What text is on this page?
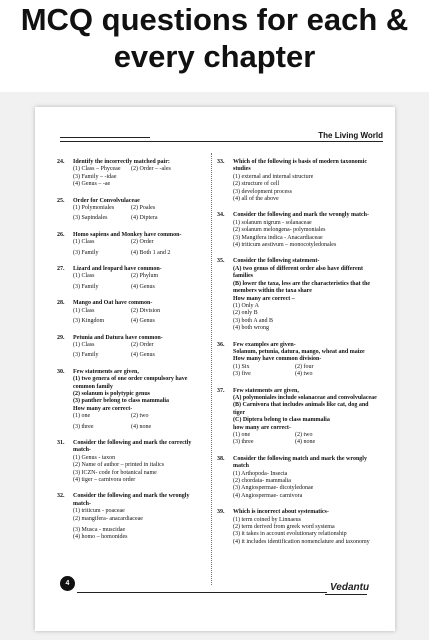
MCQ questions for each &
every chapter
The Living World
24. Identify the incorrectly matched pair:
(1) Class – Phyceae	(2) Order – -ales
(3) Family – -idae
(4) Genus – -ae
25. Order for Convolvulaceae
(1) Polymoniales	(2) Poales
(3) Sapindales	(4) Diptera
26. Homo sapiens and Monkey have common-
(1) Class	(2) Order
(3) Family	(4) Both 1 and 2
27. Lizard and leopard have common-
(1) Class	(2) Phylum
(3) Family	(4) Genus
28. Mango and Oat have common-
(1) Class	(2) Division
(3) Kingdom	(4) Genus
29. Petunia and Datura have common-
(1) Class	(2) Order
(3) Family	(4) Genus
30. Few statements are given,
(1) two genera of one order compulsory have common family
(2) solanum is polytypic genus
(3) panther belong to class mammalia
How many are correct-
(1) one	(2) two
(3) three	(4) none
31. Consider the following and mark the correctly match-
(1) Genus - taxon
(2) Name of author – printed in italics
(3) ICZN- code for botanical name
(4) tiger – carnivora order
32. Consider the following and mark the wrongly match-
(1) triticum - poaceae
(2) mangifera- anacardiaceae
(3) Musca - muscidae
(4) homo – homonides
33. Which of the following is basis of modern taxonomic studies
(1) external and internal structure
(2) structure of cell
(3) development process
(4) all of the above
34. Consider the following and mark the wrongly match-
(1) solanum nigrum - solanaceae
(2) solanum melongena- polymoniales
(3) Mangifera indica - Anacardiaceae
(4) triticum aestivum – monocotyledonales
35. Consider the following statement-
(A) two genus of different order also have different families
(B) lower the taxa, less are the characteristics that the members within the taxa share
How many are correct –
(1) Only A
(2) only B
(3) both A and B
(4) both wrong
36. Few examples are given-
Solanum, petunia, datura, mango, wheat and maize
How many have common division-
(1) Six	(2) four
(3) five	(4) two
37. Few statements are given,
(A) polymoniales include solanaceae and convolvulaceae
(B) Carnivora that includes animals like cat, dog and tiger
(C) Diptera belong to class mammalia
how many are correct-
(1) one	(2) two
(3) three	(4) none
38. Consider the following match and mark the wrongly match
(1) Arthopoda- Insecta
(2) chordata- mammalia
(3) Angiospermae- dicotyledonae
(4) Angiospermae- carnivora
39. Which is incorrect about systematics-
(1) term coined by Linnaeus
(2) term derived from greek word systema
(3) it takes in account evolutionary relationship
(4) it includes identification nomenclature and taxonomy
4	Vedantu
